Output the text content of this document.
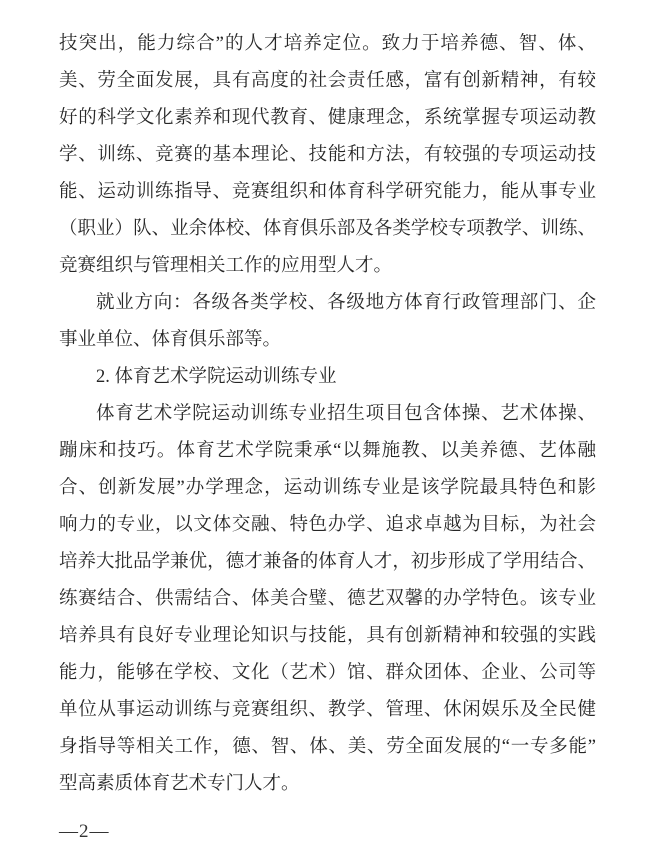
技突出，能力综合”的人才培养定位。致力于培养德、智、体、
美、劳全面发展，具有高度的社会责任感，富有创新精神，有较
好的科学文化素养和现代教育、健康理念，系统掌握专项运动教
学、训练、竞赛的基本理论、技能和方法，有较强的专项运动技
能、运动训练指导、竞赛组织和体育科学研究能力，能从事专业
（职业）队、业余体校、体育俱乐部及各类学校专项教学、训练、
竞赛组织与管理相关工作的应用型人才。
就业方向：各级各类学校、各级地方体育行政管理部门、企
事业单位、体育俱乐部等。
2. 体育艺术学院运动训练专业
体育艺术学院运动训练专业招生项目包含体操、艺术体操、
蹦床和技巧。体育艺术学院秉承“以舞施教、以美养德、艺体融
合、创新发展”办学理念，运动训练专业是该学院最具特色和影
响力的专业，以文体交融、特色办学、追求卓越为目标，为社会
培养大批品学兼优，德才兼备的体育人才，初步形成了学用结合、
练赛结合、供需结合、体美合璧、德艺双馨的办学特色。该专业
培养具有良好专业理论知识与技能，具有创新精神和较强的实践
能力，能够在学校、文化（艺术）馆、群众团体、企业、公司等
单位从事运动训练与竞赛组织、教学、管理、休闲娱乐及全民健
身指导等相关工作，德、智、体、美、劳全面发展的“一专多能”
型高素质体育艺术专门人才。
—2—
